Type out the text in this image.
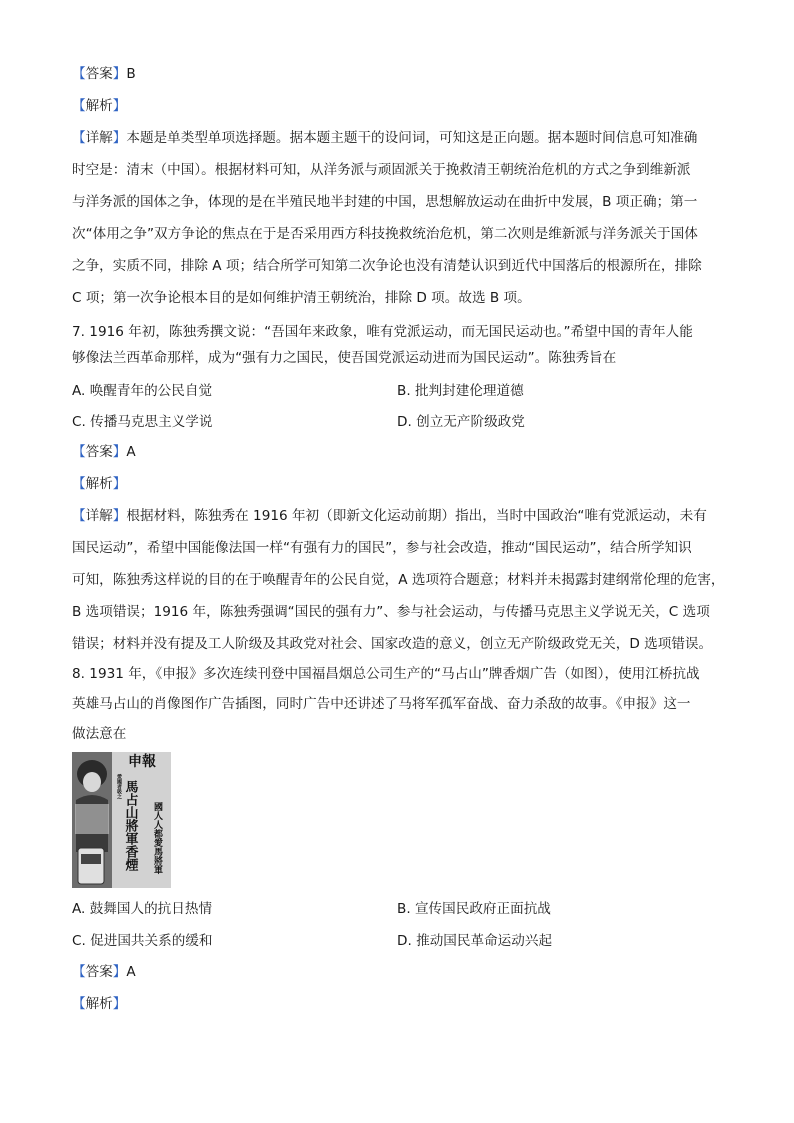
【答案】B
【解析】
【详解】本题是单类型单项选择题。据本题主题干的设问词，可知这是正向题。据本题时间信息可知准确
时空是：清末（中国）。根据材料可知，从洋务派与顽固派关于挽救清王朝统治危机的方式之争到维新派
与洋务派的国体之争，体现的是在半殖民地半封建的中国，思想解放运动在曲折中发展，B 项正确；第一
次“体用之争”双方争论的焦点在于是否采用西方科技挽救统治危机，第二次则是维新派与洋务派关于国体
之争，实质不同，排除 A 项；结合所学可知第二次争论也没有清楚认识到近代中国落后的根源所在，排除
C 项；第一次争论根本目的是如何维护清王朝统治，排除 D 项。故选 B 项。
7. 1916 年初，陈独秀撰文说：“吾国年来政象，唯有党派运动，而无国民运动也。”希望中国的青年人能
够像法兰西革命那样，成为“强有力之国民，使吾国党派运动进而为国民运动”。陈独秀旨在
A. 唤醒青年的公民自觉	B. 批判封建伦理道德
C. 传播马克思主义学说	D. 创立无产阶级政党
【答案】A
【解析】
【详解】根据材料，陈独秀在 1916 年初（即新文化运动前期）指出，当时中国政治“唯有党派运动，未有
国民运动”，希望中国能像法国一样“有强有力的国民”，参与社会改造，推动“国民运动”，结合所学知识
可知，陈独秀这样说的目的在于唤醒青年的公民自觉，A 选项符合题意；材料并未揭露封建纲常伦理的危害，
B 选项错误；1916 年，陈独秀强调“国民的强有力”、参与社会运动，与传播马克思主义学说无关，C 选项
错误；材料并没有提及工人阶级及其政党对社会、国家改造的意义，创立无产阶级政党无关，D 选项错误。
8. 1931 年，《申报》多次连续刊登中国福昌烟总公司生产的“马占山”牌香烟广告（如图），使用江桥抗战
英雄马占山的肖像图作广告插图，同时广告中还讲述了马将军孤军奋战、奋力杀敌的故事。《申报》这一
做法意在
申報
馬占山將軍香煙 國人人都愛馬將軍
愛國者吸之
A. 鼓舞国人的抗日热情	B. 宣传国民政府正面抗战
C. 促进国共关系的缓和	D. 推动国民革命运动兴起
【答案】A
【解析】
